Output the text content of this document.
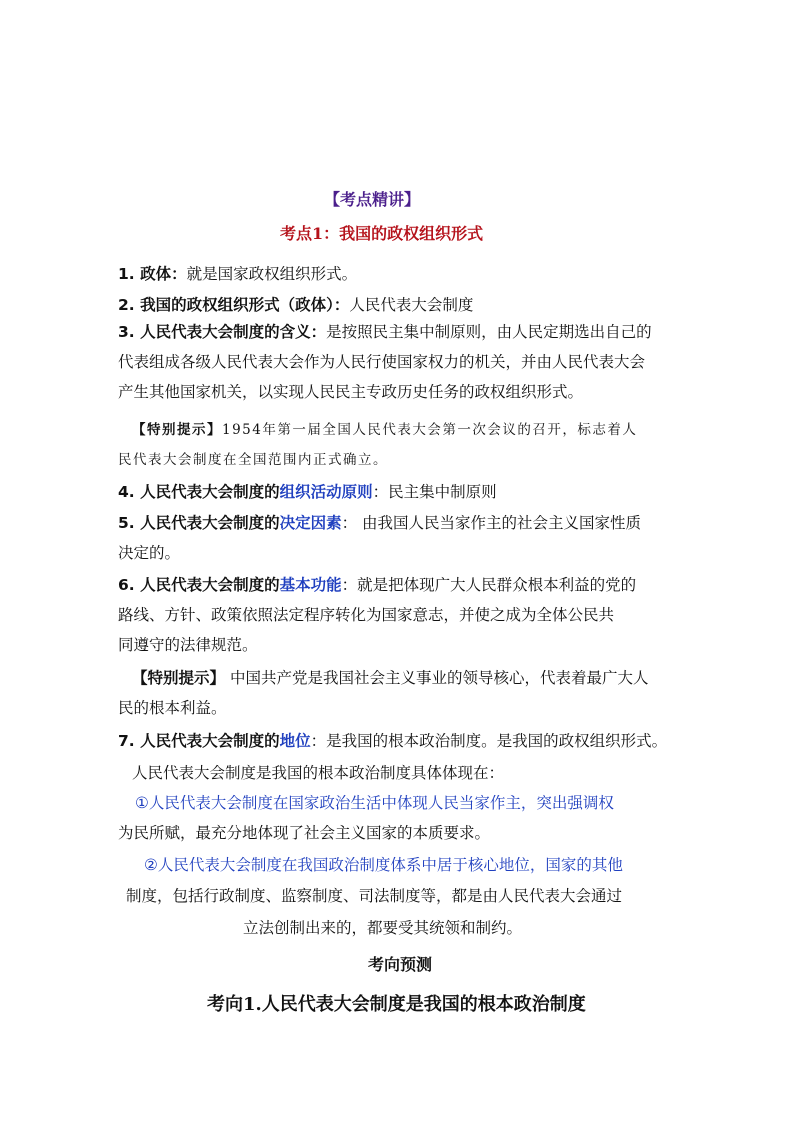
【考点精讲】
考点1：我国的政权组织形式
1. 政体：就是国家政权组织形式。
2. 我国的政权组织形式（政体）：人民代表大会制度
3. 人民代表大会制度的含义：是按照民主集中制原则，由人民定期选出自己的
代表组成各级人民代表大会作为人民行使国家权力的机关，并由人民代表大会
产生其他国家机关，以实现人民民主专政历史任务的政权组织形式。
【特别提示】1954年第一届全国人民代表大会第一次会议的召开，标志着人
民代表大会制度在全国范围内正式确立。
4. 人民代表大会制度的组织活动原则：民主集中制原则
5. 人民代表大会制度的决定因素： 由我国人民当家作主的社会主义国家性质
决定的。
6. 人民代表大会制度的基本功能：就是把体现广大人民群众根本利益的党的
路线、方针、政策依照法定程序转化为国家意志，并使之成为全体公民共
同遵守的法律规范。
【特别提示】 中国共产党是我国社会主义事业的领导核心，代表着最广大人
民的根本利益。
7. 人民代表大会制度的地位：是我国的根本政治制度。是我国的政权组织形式。
人民代表大会制度是我国的根本政治制度具体体现在：
①人民代表大会制度在国家政治生活中体现人民当家作主，突出强调权
为民所赋，最充分地体现了社会主义国家的本质要求。
②人民代表大会制度在我国政治制度体系中居于核心地位，国家的其他
制度，包括行政制度、监察制度、司法制度等，都是由人民代表大会通过
立法创制出来的，都要受其统领和制约。
考向预测
考向1.人民代表大会制度是我国的根本政治制度
